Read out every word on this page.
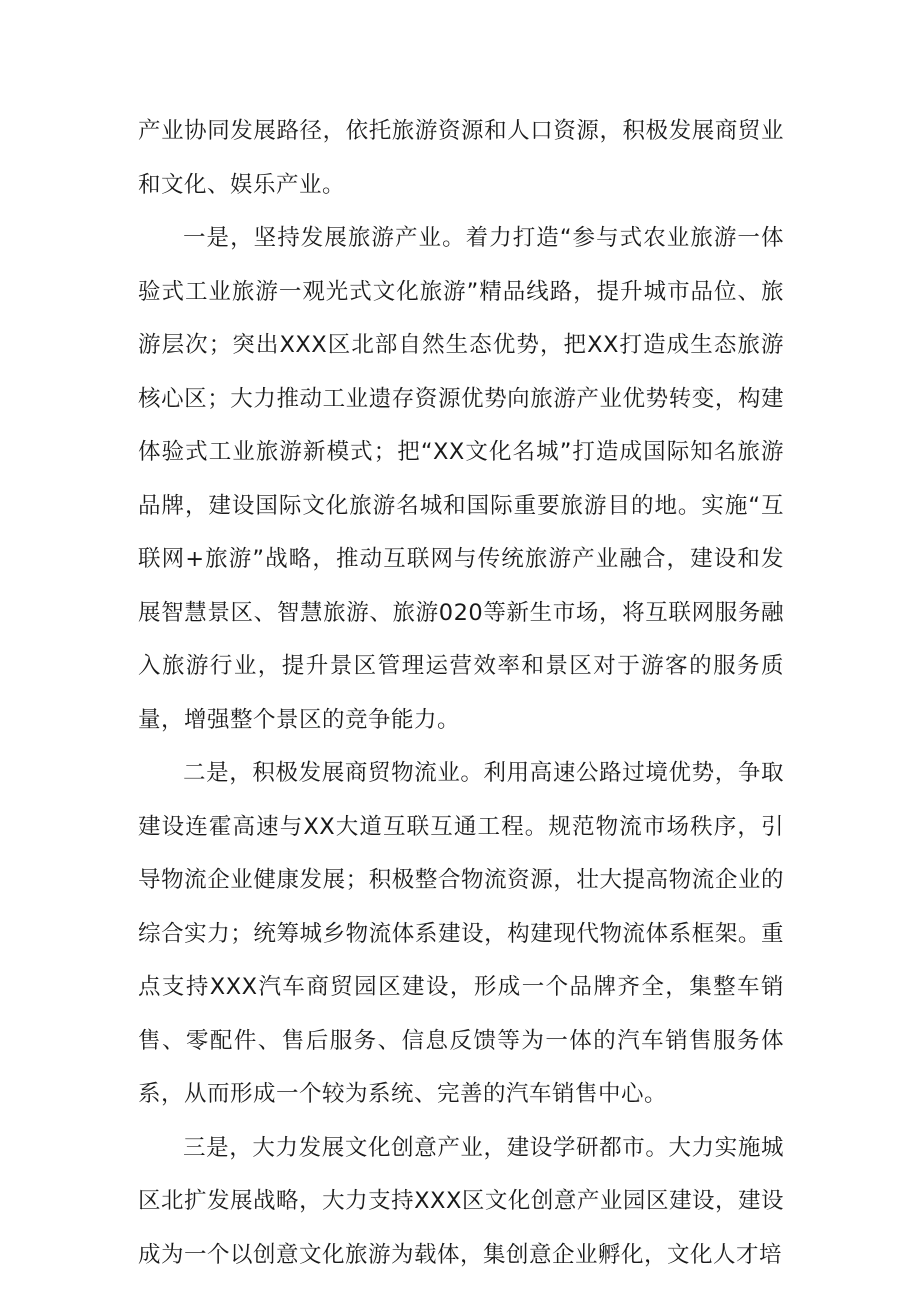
产业协同发展路径，依托旅游资源和人口资源，积极发展商贸业和文化、娱乐产业。

一是，坚持发展旅游产业。着力打造“参与式农业旅游一体验式工业旅游一观光式文化旅游”精品线路，提升城市品位、旅游层次；突出XXX区北部自然生态优势，把XX打造成生态旅游核心区；大力推动工业遗存资源优势向旅游产业优势转变，构建体验式工业旅游新模式；把“XX文化名城”打造成国际知名旅游品牌，建设国际文化旅游名城和国际重要旅游目的地。实施“互联网+旅游”战略，推动互联网与传统旅游产业融合，建设和发展智慧景区、智慧旅游、旅游020等新生市场，将互联网服务融入旅游行业，提升景区管理运营效率和景区对于游客的服务质量，增强整个景区的竞争能力。

二是，积极发展商贸物流业。利用高速公路过境优势，争取建设连霍高速与XX大道互联互通工程。规范物流市场秩序，引导物流企业健康发展；积极整合物流资源，壮大提高物流企业的综合实力；统筹城乡物流体系建设，构建现代物流体系框架。重点支持XXX汽车商贸园区建设，形成一个品牌齐全，集整车销售、零配件、售后服务、信息反馈等为一体的汽车销售服务体系，从而形成一个较为系统、完善的汽车销售中心。

三是，大力发展文化创意产业，建设学研都市。大力实施城区北扩发展战略，大力支持XXX区文化创意产业园区建设，建设成为一个以创意文化旅游为载体，集创意企业孵化，文化人才培
